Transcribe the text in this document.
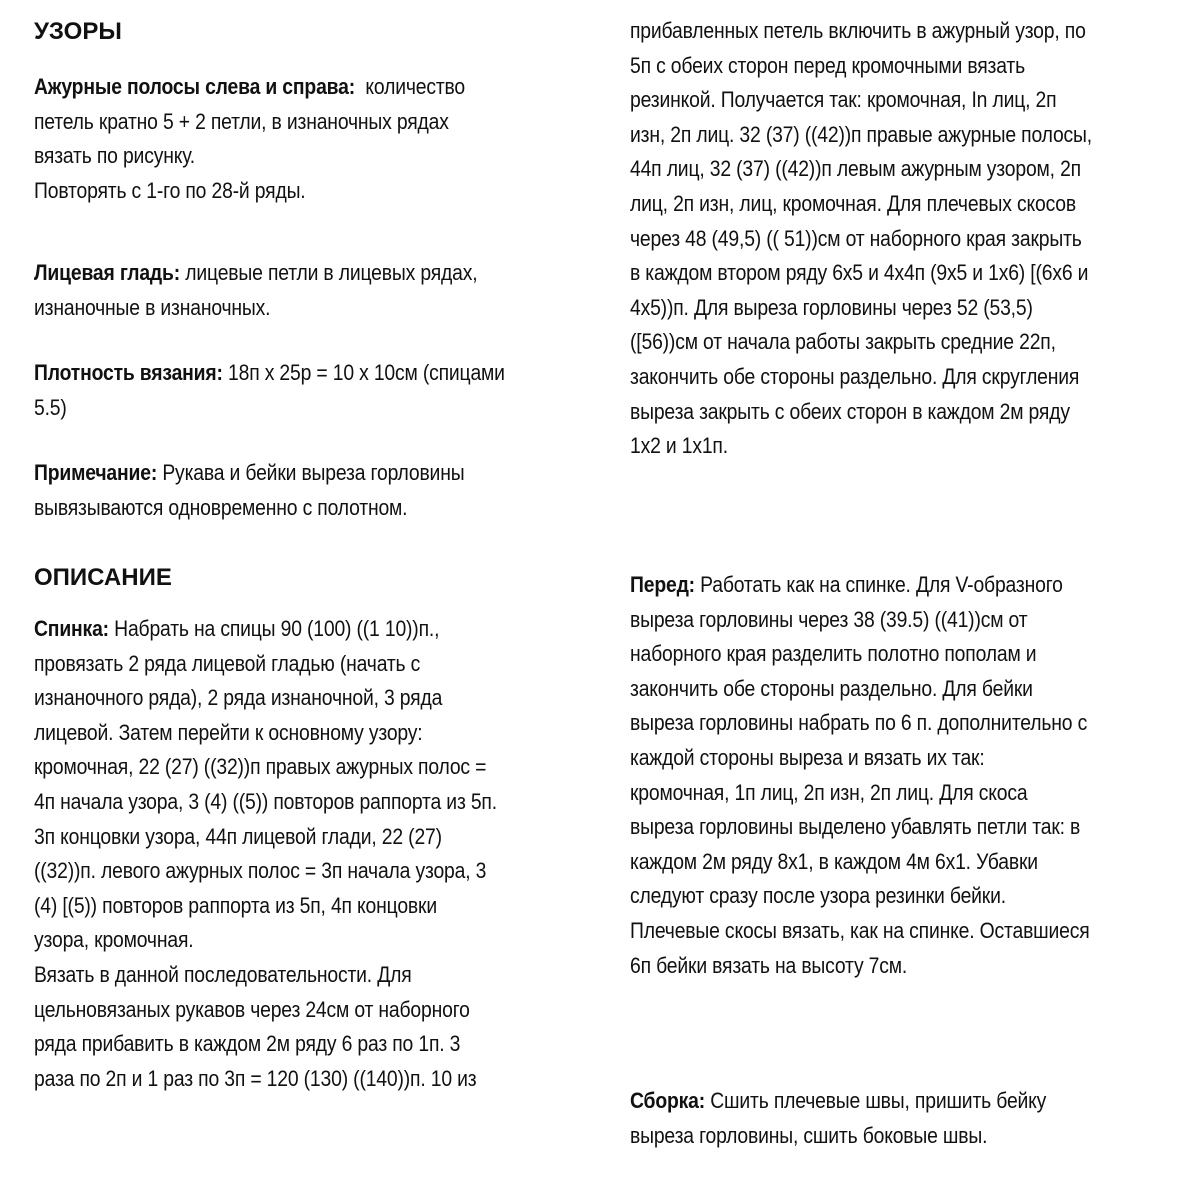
УЗОРЫ
Ажурные полосы слева и справа: количество
петель кратно 5 + 2 петли, в изнаночных рядах
вязать по рисунку.
Повторять с 1-го по 28-й ряды.
Лицевая гладь: лицевые петли в лицевых рядах,
изнаночные в изнаночных.
Плотность вязания: 18п х 25р = 10 х 10см (спицами
5.5)
Примечание: Рукава и бейки выреза горловины
вывязываются одновременно с полотном.
ОПИСАНИЕ
Спинка: Набрать на спицы 90 (100) ((1 10))п.,
провязать 2 ряда лицевой гладью (начать с
изнаночного ряда), 2 ряда изнаночной, 3 ряда
лицевой. Затем перейти к основному узору:
кромочная, 22 (27) ((32))п правых ажурных полос =
4п начала узора, 3 (4) ((5)) повторов раппорта из 5п.
3п концовки узора, 44п лицевой глади, 22 (27)
((32))п. левого ажурных полос = 3п начала узора, 3
(4) [(5)) повторов раппорта из 5п, 4п концовки
узора, кромочная.
Вязать в данной последовательности. Для
цельновязаных рукавов через 24см от наборного
ряда прибавить в каждом 2м ряду 6 раз по 1п. 3
раза по 2п и 1 раз по 3п = 120 (130) ((140))п. 10 из
прибавленных петель включить в ажурный узор, по
5п с обеих сторон перед кромочными вязать
резинкой. Получается так: кромочная, In лиц, 2п
изн, 2п лиц. 32 (37) ((42))п правые ажурные полосы,
44п лиц, 32 (37) ((42))п левым ажурным узором, 2п
лиц, 2п изн, лиц, кромочная. Для плечевых скосов
через 48 (49,5) (( 51))см от наборного края закрыть
в каждом втором ряду 6х5 и 4х4п (9х5 и 1х6) [(6х6 и
4х5))п. Для выреза горловины через 52 (53,5)
([56))см от начала работы закрыть средние 22п,
закончить обе стороны раздельно. Для скругления
выреза закрыть с обеих сторон в каждом 2м ряду
1х2 и 1х1п.
Перед: Работать как на спинке. Для V-образного
выреза горловины через 38 (39.5) ((41))см от
наборного края разделить полотно пополам и
закончить обе стороны раздельно. Для бейки
выреза горловины набрать по 6 п. дополнительно с
каждой стороны выреза и вязать их так:
кромочная, 1п лиц, 2п изн, 2п лиц. Для скоса
выреза горловины выделено убавлять петли так: в
каждом 2м ряду 8х1, в каждом 4м 6х1. Убавки
следуют сразу после узора резинки бейки.
Плечевые скосы вязать, как на спинке. Оставшиеся
6п бейки вязать на высоту 7см.
Сборка: Сшить плечевые швы, пришить бейку
выреза горловины, сшить боковые швы.
